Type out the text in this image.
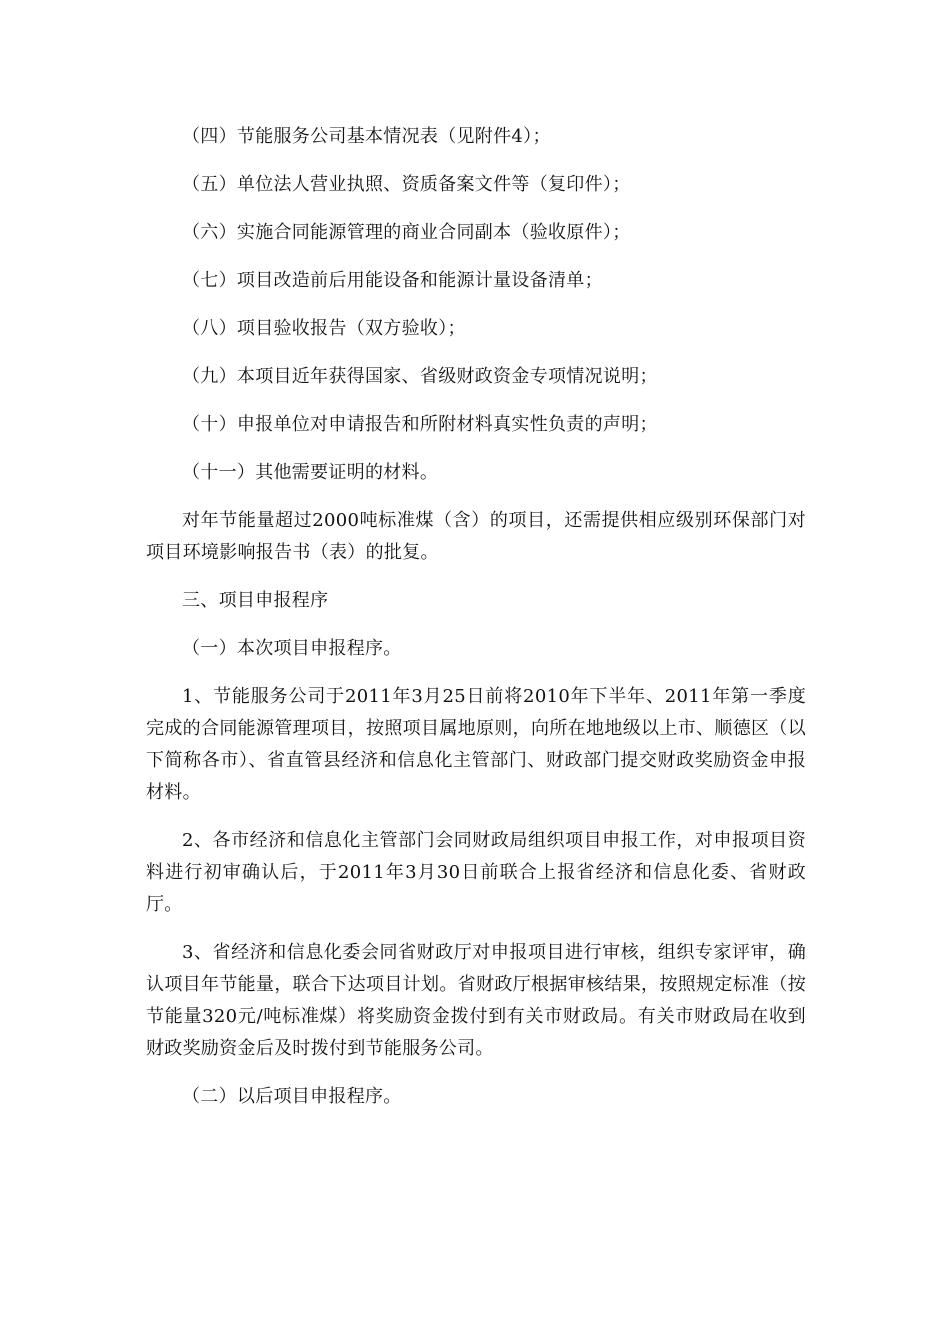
（四）节能服务公司基本情况表（见附件4）；

（五）单位法人营业执照、资质备案文件等（复印件）；

（六）实施合同能源管理的商业合同副本（验收原件）；

（七）项目改造前后用能设备和能源计量设备清单；

（八）项目验收报告（双方验收）；

（九）本项目近年获得国家、省级财政资金专项情况说明；

（十）申报单位对申请报告和所附材料真实性负责的声明；

（十一）其他需要证明的材料。

对年节能量超过2000吨标准煤（含）的项目，还需提供相应级别环保部门对项目环境影响报告书（表）的批复。

三、项目申报程序

（一）本次项目申报程序。

1、节能服务公司于2011年3月25日前将2010年下半年、2011年第一季度完成的合同能源管理项目，按照项目属地原则，向所在地地级以上市、顺德区（以下简称各市）、省直管县经济和信息化主管部门、财政部门提交财政奖励资金申报材料。

2、各市经济和信息化主管部门会同财政局组织项目申报工作，对申报项目资料进行初审确认后，于2011年3月30日前联合上报省经济和信息化委、省财政厅。

3、省经济和信息化委会同省财政厅对申报项目进行审核，组织专家评审，确认项目年节能量，联合下达项目计划。省财政厅根据审核结果，按照规定标准（按节能量320元/吨标准煤）将奖励资金拨付到有关市财政局。有关市财政局在收到财政奖励资金后及时拨付到节能服务公司。

（二）以后项目申报程序。
